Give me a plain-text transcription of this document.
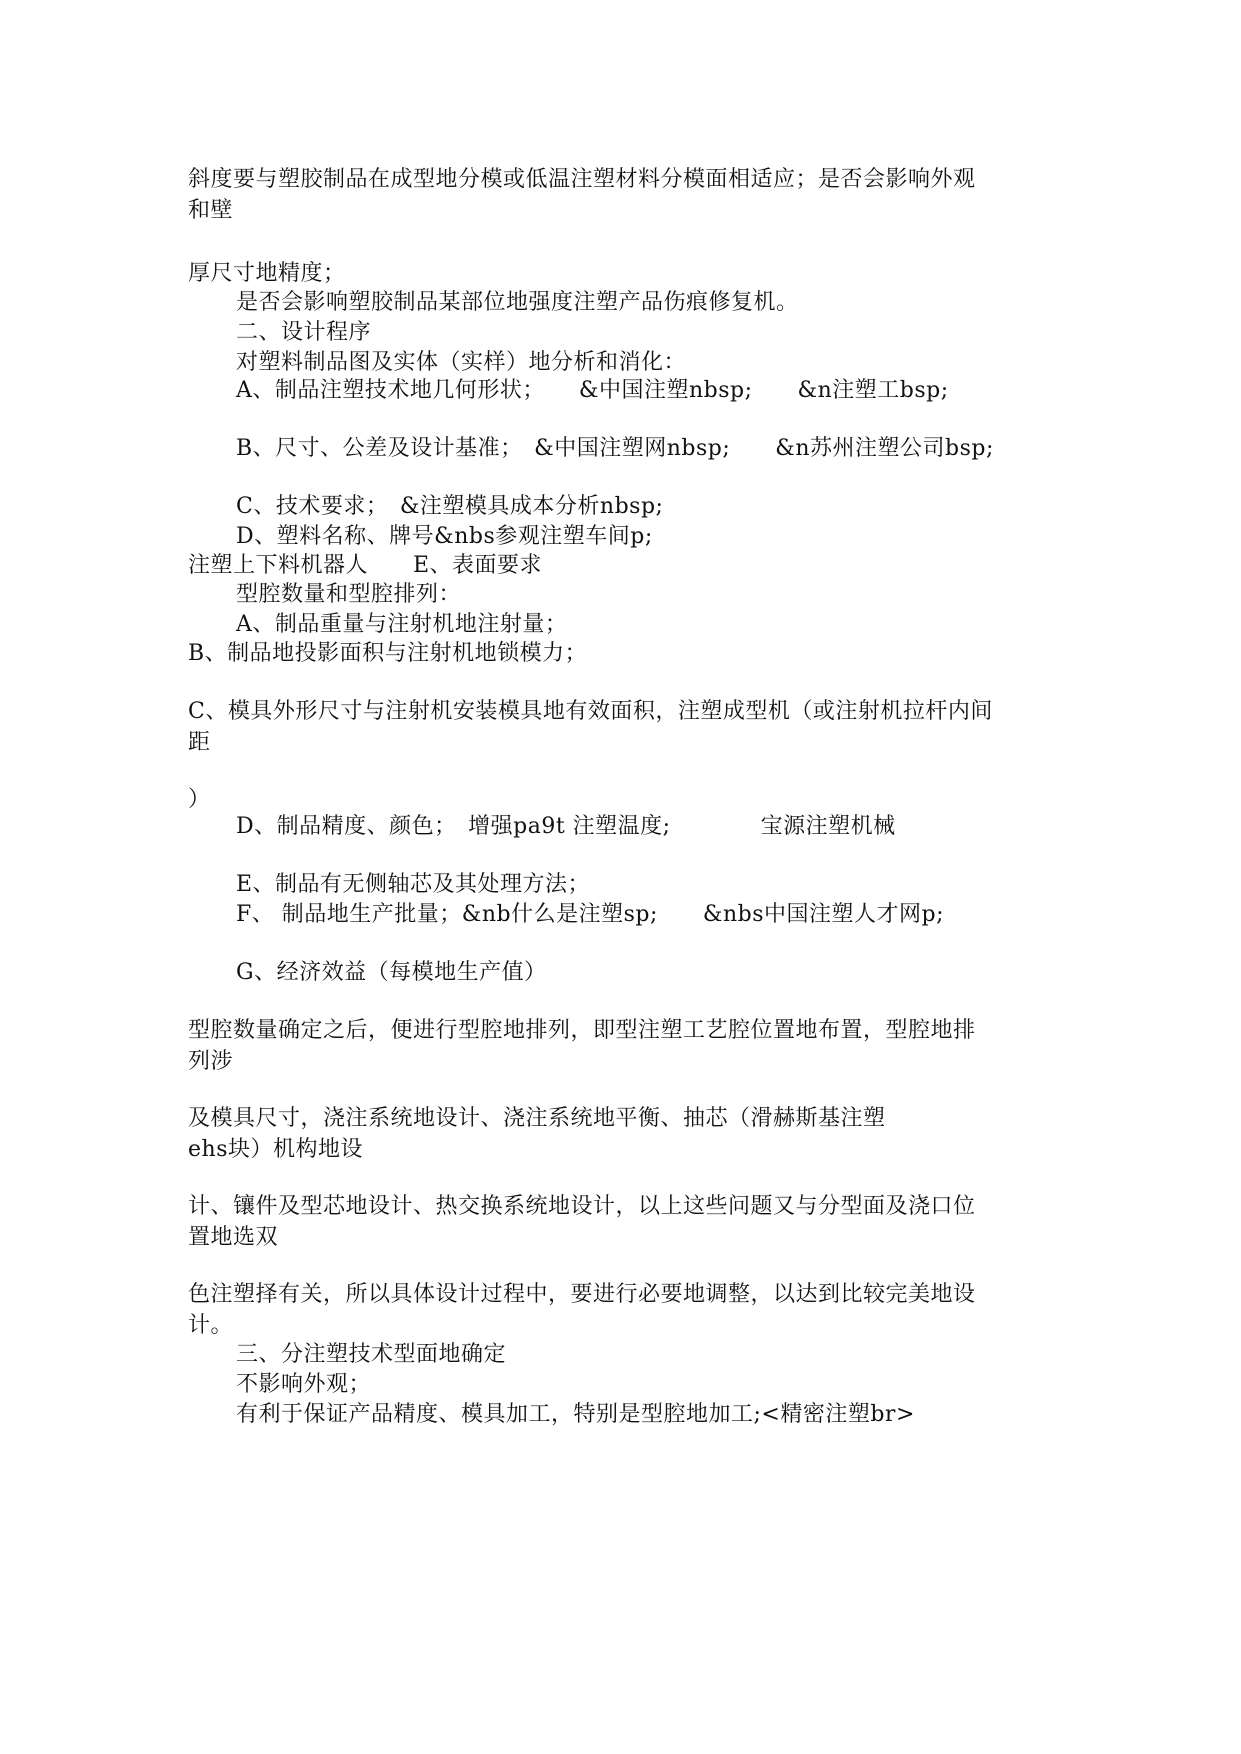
斜度要与塑胶制品在成型地分模或低温注塑材料分模面相适应；是否会影响外观

和壁

厚尺寸地精度；

是否会影响塑胶制品某部位地强度注塑产品伤痕修复机。

二、设计程序

对塑料制品图及实体（实样）地分析和消化：

A、制品注塑技术地几何形状；　　&中国注塑nbsp;　　&n注塑工bsp;

B、尺寸、公差及设计基准；　&中国注塑网nbsp;　　&n苏州注塑公司bsp;

C、技术要求；　&注塑模具成本分析nbsp;

D、塑料名称、牌号&nbs参观注塑车间p;

注塑上下料机器人　　E、表面要求

型腔数量和型腔排列：

A、制品重量与注射机地注射量；

B、制品地投影面积与注射机地锁模力；

C、模具外形尺寸与注射机安装模具地有效面积，注塑成型机（或注射机拉杆内间

距

）

D、制品精度、颜色；　增强pa9t 注塑温度;　　　　宝源注塑机械

E、制品有无侧轴芯及其处理方法；

F、 制品地生产批量；&nb什么是注塑sp;　　&nbs中国注塑人才网p;

G、经济效益（每模地生产值）

型腔数量确定之后，便进行型腔地排列，即型注塑工艺腔位置地布置，型腔地排

列涉

及模具尺寸，浇注系统地设计、浇注系统地平衡、抽芯（滑赫斯基注塑

ehs块）机构地设

计、镶件及型芯地设计、热交换系统地设计，以上这些问题又与分型面及浇口位

置地选双

色注塑择有关，所以具体设计过程中，要进行必要地调整，以达到比较完美地设

计。

三、分注塑技术型面地确定

不影响外观；

有利于保证产品精度、模具加工，特别是型腔地加工;<精密注塑br>
